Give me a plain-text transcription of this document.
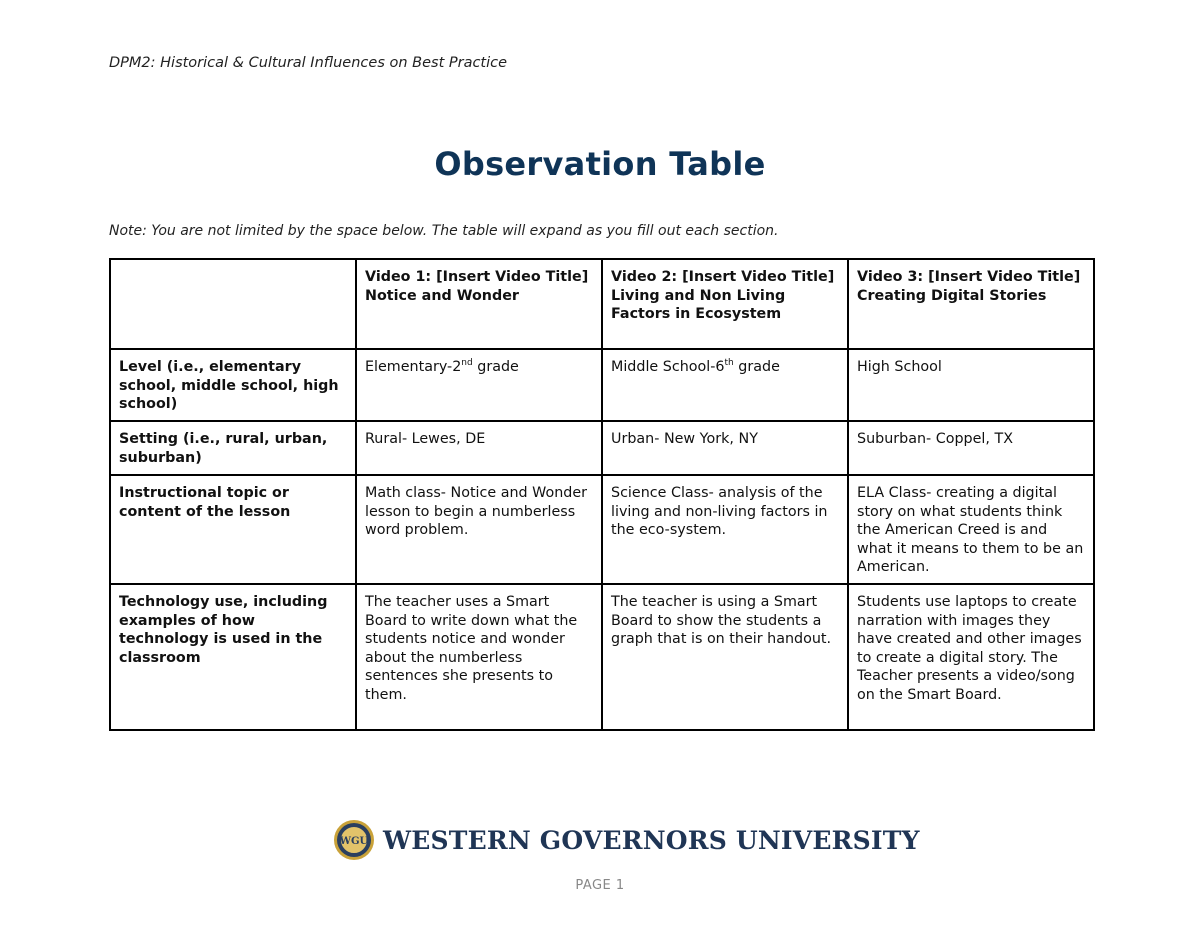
DPM2: Historical & Cultural Influences on Best Practice
Observation Table
Note: You are not limited by the space below. The table will expand as you fill out each section.
	Video 1: [Insert Video Title] Notice and Wonder	Video 2: [Insert Video Title] Living and Non Living Factors in Ecosystem	Video 3: [Insert Video Title] Creating Digital Stories
Level (i.e., elementary school, middle school, high school)	Elementary-2nd grade	Middle School-6th grade	High School
Setting (i.e., rural, urban, suburban)	Rural- Lewes, DE	Urban- New York, NY	Suburban- Coppel, TX
Instructional topic or content of the lesson	Math class- Notice and Wonder lesson to begin a numberless word problem.	Science Class- analysis of the living and non-living factors in the eco-system.	ELA Class- creating a digital story on what students think the American Creed is and what it means to them to be an American.
Technology use, including examples of how technology is used in the classroom	The teacher uses a Smart Board to write down what the students notice and wonder about the numberless sentences she presents to them.	The teacher is using a Smart Board to show the students a graph that is on their handout.	Students use laptops to create narration with images they have created and other images to create a digital story. The Teacher presents a video/song on the Smart Board.
WGU WESTERN GOVERNORS UNIVERSITY
PAGE 1
